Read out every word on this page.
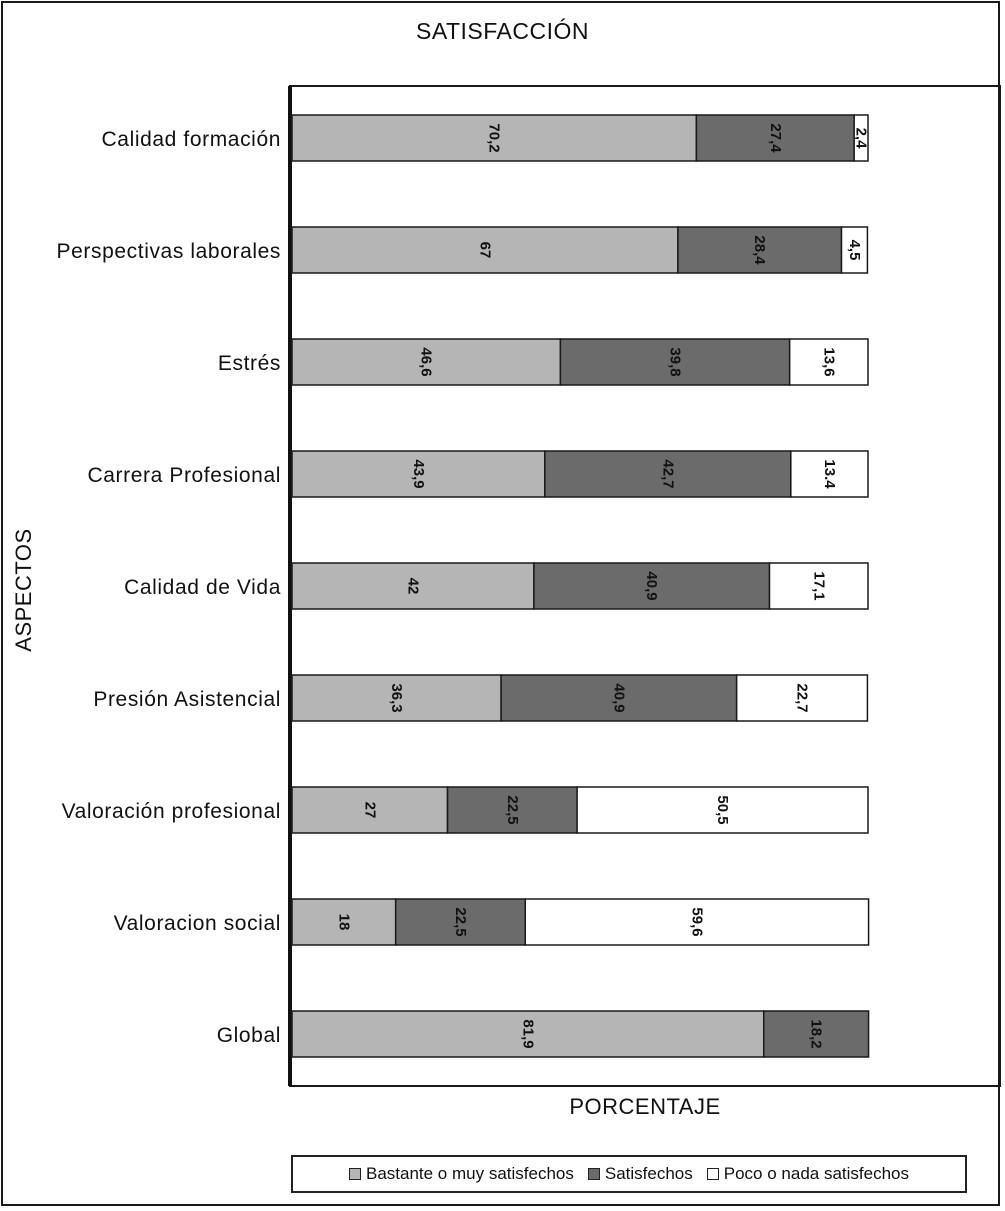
SATISFACCIÓN
ASPECTOS
70,2	27,4	2,4
67	28,4	4,5
46,6	39,8	13,6
43,9	42,7	13.4
42	40,9	17,1
36,3	40,9	22,7
27	22,5	50,5
18	22,5	59,6
81,9	18,2
Calidad formación
Perspectivas laborales
Estrés
Carrera Profesional
Calidad de Vida
Presión Asistencial
Valoración profesional
Valoracion social
Global
PORCENTAJE
Bastante o muy satisfechos Satisfechos Poco o nada satisfechos
